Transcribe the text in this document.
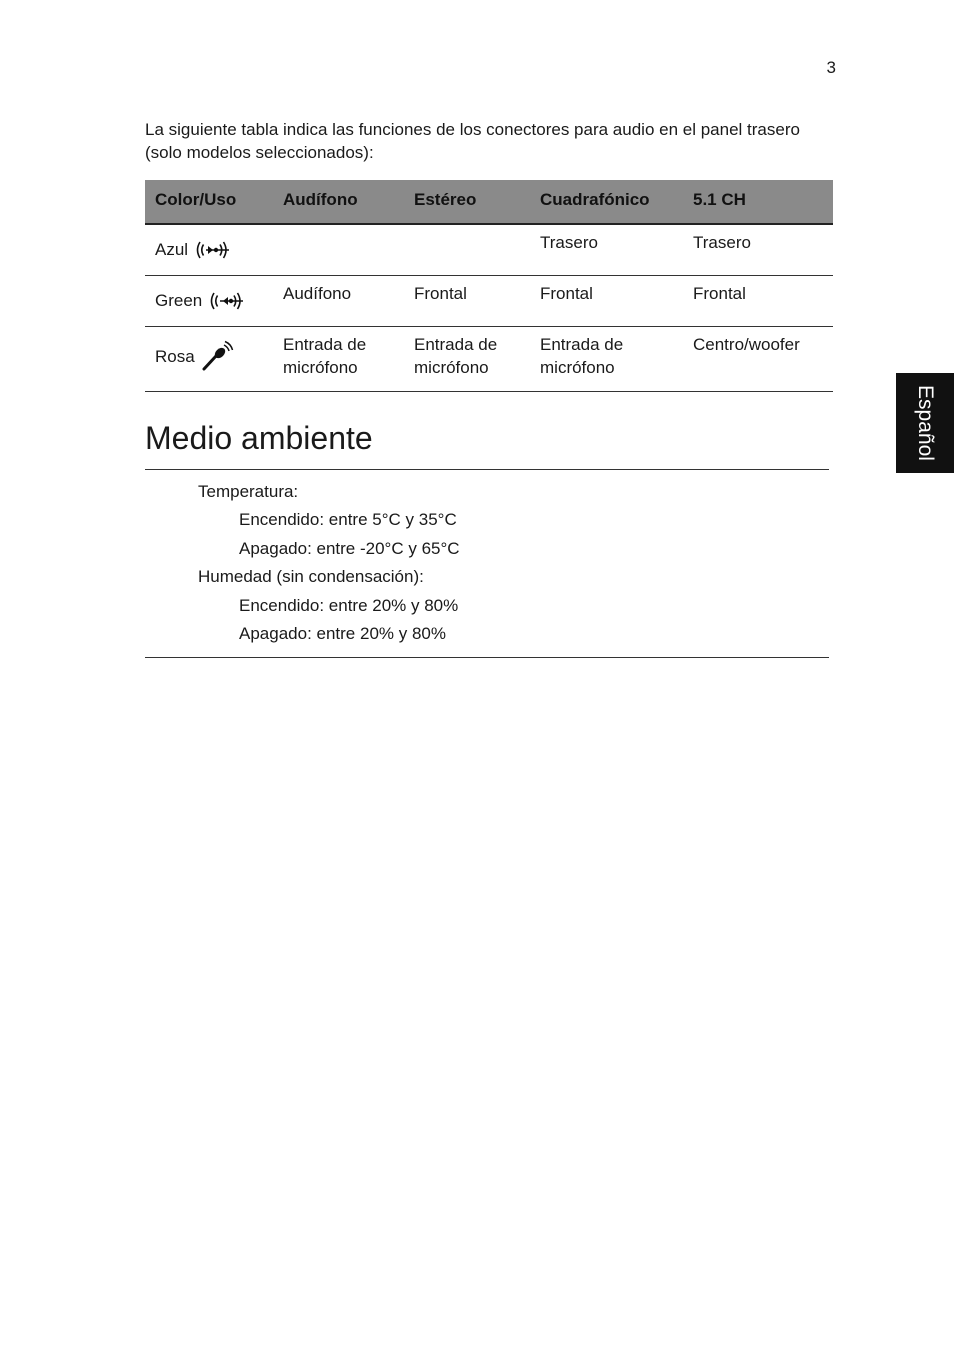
3

La siguiente tabla indica las funciones de los conectores para audio en el panel trasero (solo modelos seleccionados):

Color/Uso	Audífono	Estéreo	Cuadrafónico	5.1 CH

Azul			Trasero	Trasero

Green	Audífono	Frontal	Frontal	Frontal

Rosa	Entrada de micrófono	Entrada de micrófono	Entrada de micrófono	Centro/woofer
Español
Medio ambiente
Temperatura:
Encendido: entre 5°C y 35°C
Apagado: entre -20°C y 65°C
Humedad (sin condensación):
Encendido: entre 20% y 80%
Apagado: entre 20% y 80%
